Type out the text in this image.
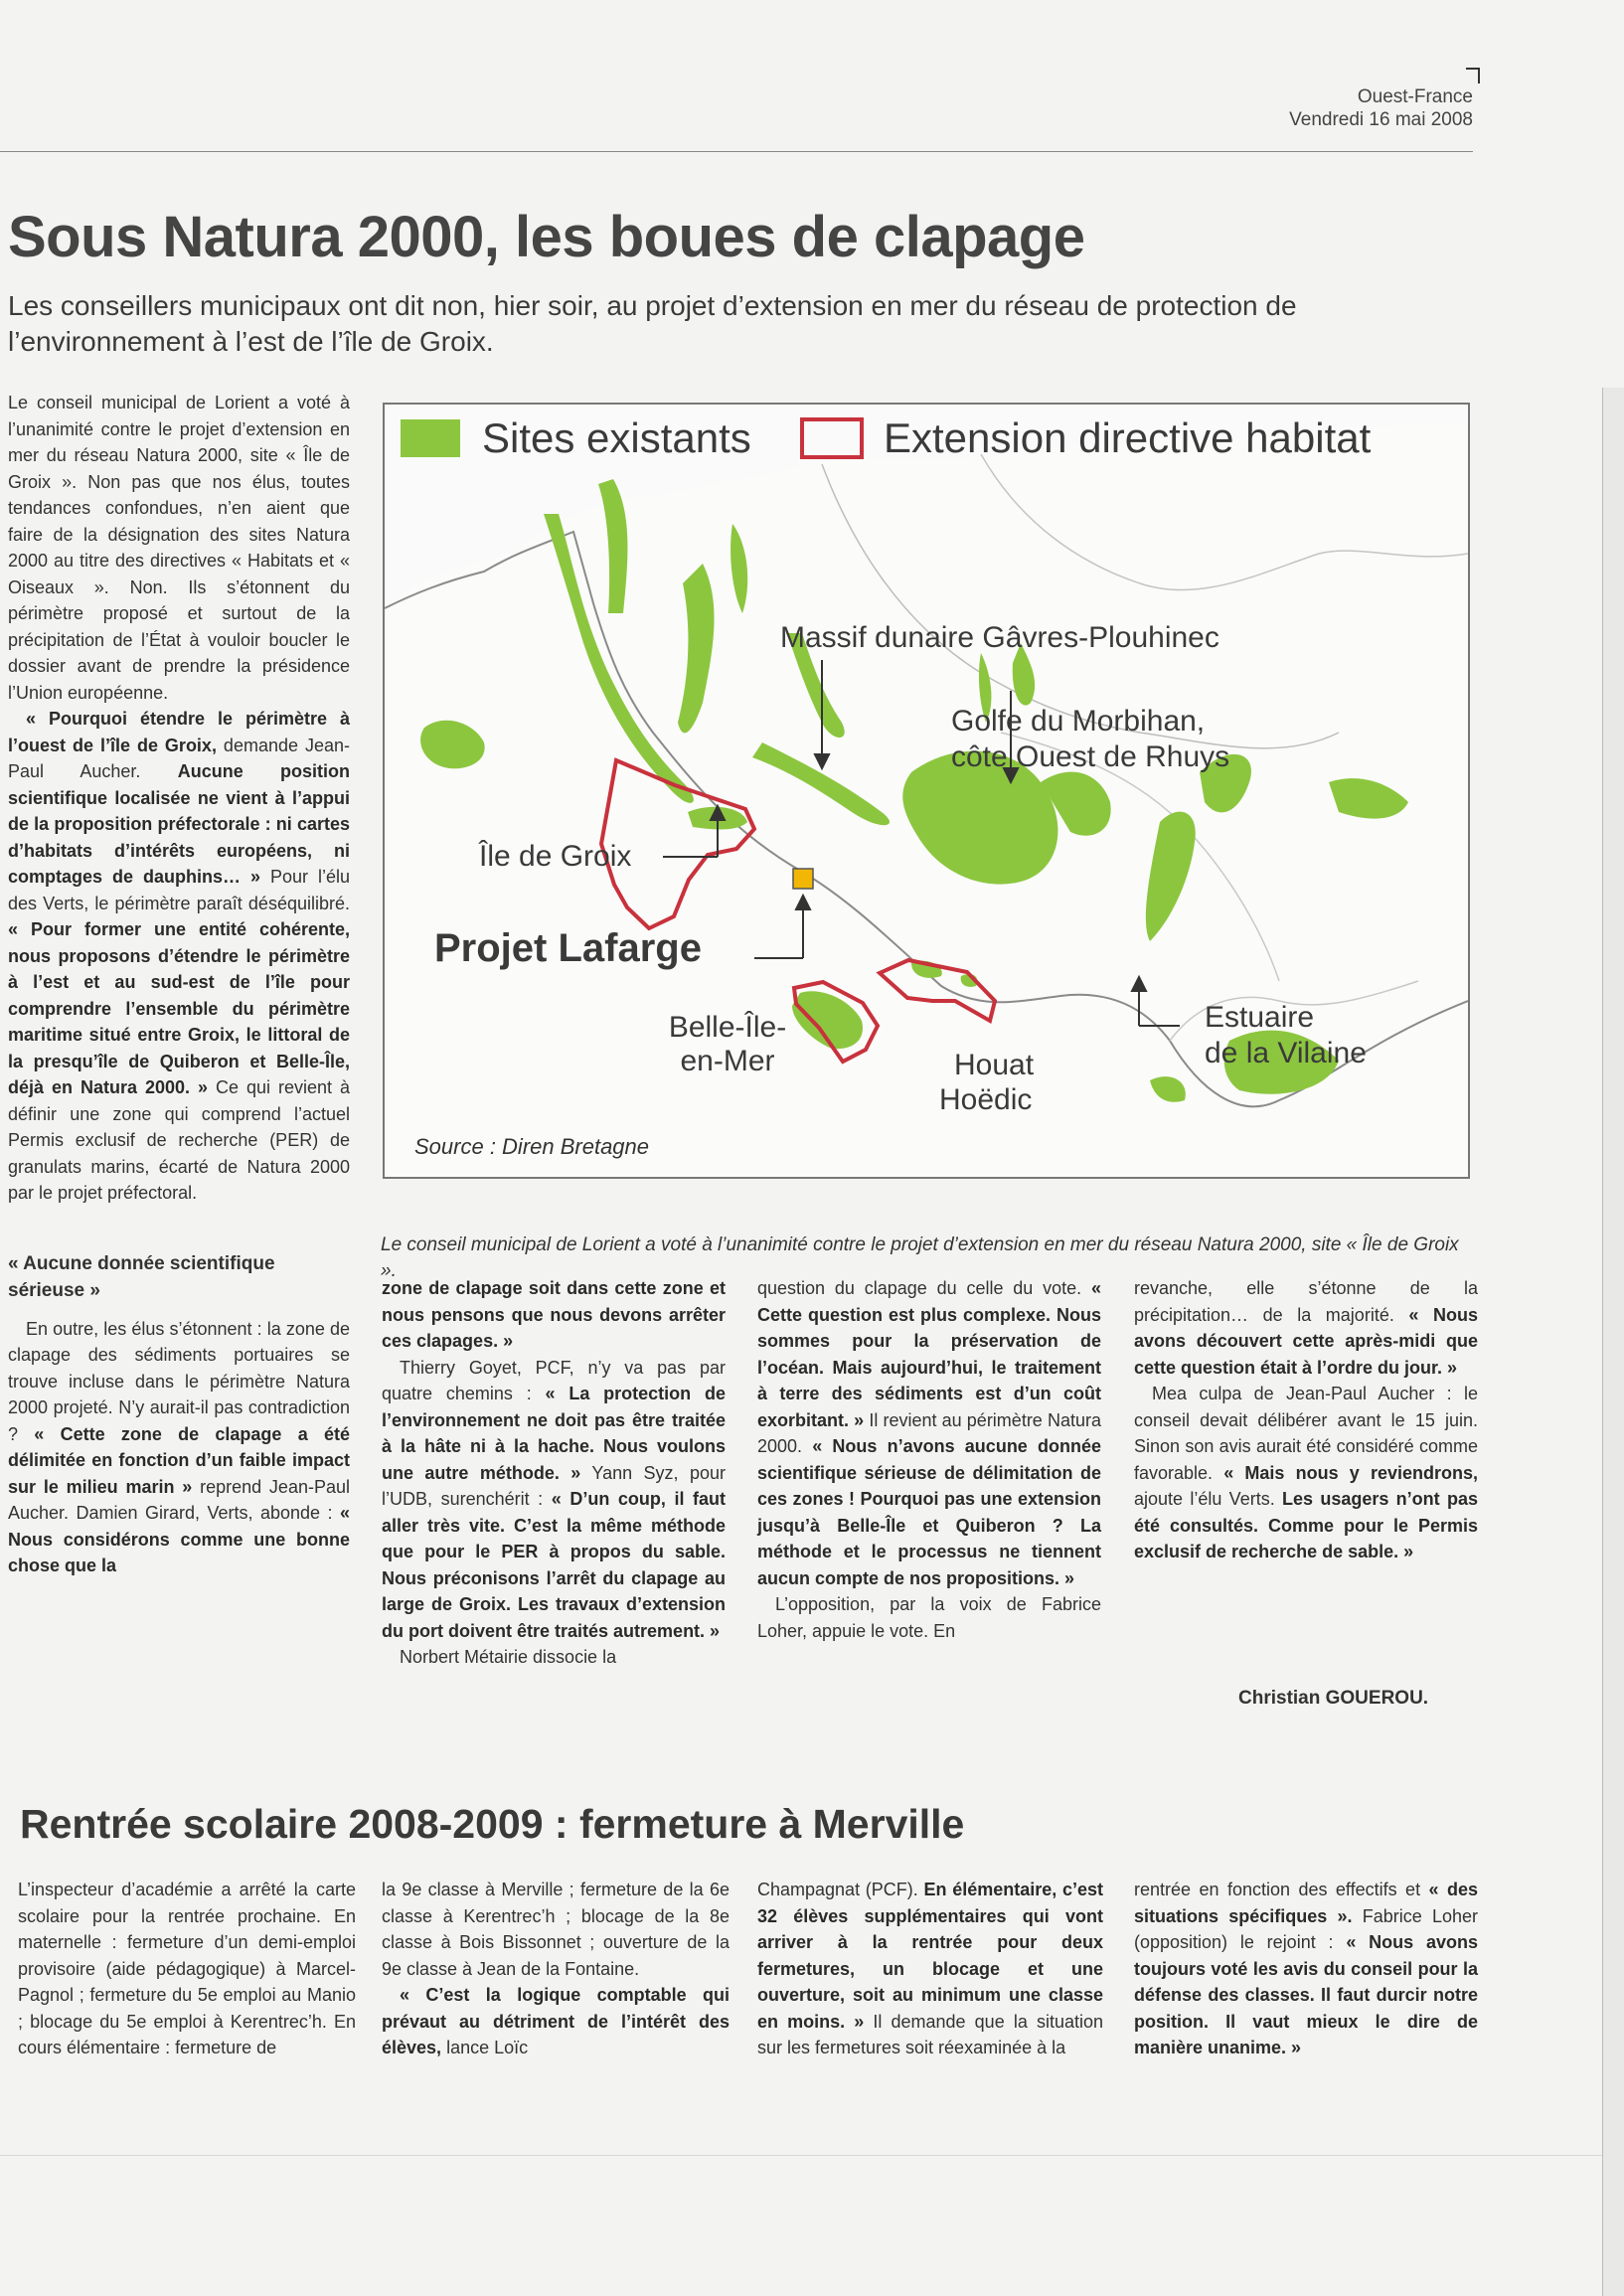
Ouest-France
Vendredi 16 mai 2008
Sous Natura 2000, les boues de clapage

Les conseillers municipaux ont dit non, hier soir, au projet d’extension en mer du réseau de protection de l’environnement à l’est de l’île de Groix.

Le conseil municipal de Lorient a voté à l’unanimité contre le projet d’extension en mer du réseau Natura 2000, site « Île de Groix ». Non pas que nos élus, toutes tendances confondues, n’en aient que faire de la désignation des sites Natura 2000 au titre des directives « Habitats et « Oiseaux ». Non. Ils s’étonnent du périmètre proposé et surtout de la précipitation de l’État à vouloir boucler le dossier avant de prendre la présidence l’Union européenne.

« Pourquoi étendre le périmètre à l’ouest de l’île de Groix, demande Jean-Paul Aucher. Aucune position scientifique localisée ne vient à l’appui de la proposition préfectorale : ni cartes d’habitats d’intérêts européens, ni comptages de dauphins… » Pour l’élu des Verts, le périmètre paraît déséquilibré. « Pour former une entité cohérente, nous proposons d’étendre le périmètre à l’est et au sud-est de l’île pour comprendre l’ensemble du périmètre maritime situé entre Groix, le littoral de la presqu’île de Quiberon et Belle-Île, déjà en Natura 2000. » Ce qui revient à définir une zone qui comprend l’actuel Permis exclusif de recherche (PER) de granulats marins, écarté de Natura 2000 par le projet préfectoral.

« Aucune donnée scientifique sérieuse »

En outre, les élus s’étonnent : la zone de clapage des sédiments portuaires se trouve incluse dans le périmètre Natura 2000 projeté. N’y aurait-il pas contradiction ? « Cette zone de clapage a été délimitée en fonction d’un faible impact sur le milieu marin » reprend Jean-Paul Aucher. Damien Girard, Verts, abonde : « Nous considérons comme une bonne chose que la

Sites existants	Extension directive habitat
Massif dunaire Gâvres-Plouhinec
Golfe du Morbihan,
côte Ouest de Rhuys
Île de Groix
Projet Lafarge
Belle-Île-
en-Mer	Houat
Hoëdic
Estuaire
de la Vilaine
Source : Diren Bretagne

Le conseil municipal de Lorient a voté à l’unanimité contre le projet d’extension en mer du réseau Natura 2000, site « Île de Groix ».

zone de clapage soit dans cette zone et nous pensons que nous devons arrêter ces clapages. »

Thierry Goyet, PCF, n’y va pas par quatre chemins : « La protection de l’environnement ne doit pas être traitée à la hâte ni à la hache. Nous voulons une autre méthode. » Yann Syz, pour l’UDB, surenchérit : « D’un coup, il faut aller très vite. C’est la même méthode que pour le PER à propos du sable. Nous préconisons l’arrêt du clapage au large de Groix. Les travaux d’extension du port doivent être traités autrement. »

Norbert Métairie dissocie la

question du clapage du celle du vote. « Cette question est plus complexe. Nous sommes pour la préservation de l’océan. Mais aujourd’hui, le traitement à terre des sédiments est d’un coût exorbitant. » Il revient au périmètre Natura 2000. « Nous n’avons aucune donnée scientifique sérieuse de délimitation de ces zones ! Pourquoi pas une extension jusqu’à Belle-Île et Quiberon ? La méthode et le processus ne tiennent aucun compte de nos propositions. »

L’opposition, par la voix de Fabrice Loher, appuie le vote. En

revanche, elle s’étonne de la précipitation… de la majorité. « Nous avons découvert cette après-midi que cette question était à l’ordre du jour. »

Mea culpa de Jean-Paul Aucher : le conseil devait délibérer avant le 15 juin. Sinon son avis aurait été considéré comme favorable. « Mais nous y reviendrons, ajoute l’élu Verts. Les usagers n’ont pas été consultés. Comme pour le Permis exclusif de recherche de sable. »

Christian GOUEROU.
Rentrée scolaire 2008-2009 : fermeture à Merville

L’inspecteur d’académie a arrêté la carte scolaire pour la rentrée prochaine. En maternelle : fermeture d’un demi-emploi provisoire (aide pédagogique) à Marcel-Pagnol ; fermeture du 5e emploi au Manio ; blocage du 5e emploi à Kerentrec’h. En cours élémentaire : fermeture de

la 9e classe à Merville ; fermeture de la 6e classe à Kerentrec’h ; blocage de la 8e classe à Bois Bissonnet ; ouverture de la 9e classe à Jean de la Fontaine.

« C’est la logique comptable qui prévaut au détriment de l’intérêt des élèves, lance Loïc

Champagnat (PCF). En élémentaire, c’est 32 élèves supplémentaires qui vont arriver à la rentrée pour deux fermetures, un blocage et une ouverture, soit au minimum une classe en moins. » Il demande que la situation sur les fermetures soit réexaminée à la

rentrée en fonction des effectifs et « des situations spécifiques ». Fabrice Loher (opposition) le rejoint : « Nous avons toujours voté les avis du conseil pour la défense des classes. Il faut durcir notre position. Il vaut mieux le dire de manière unanime. »
